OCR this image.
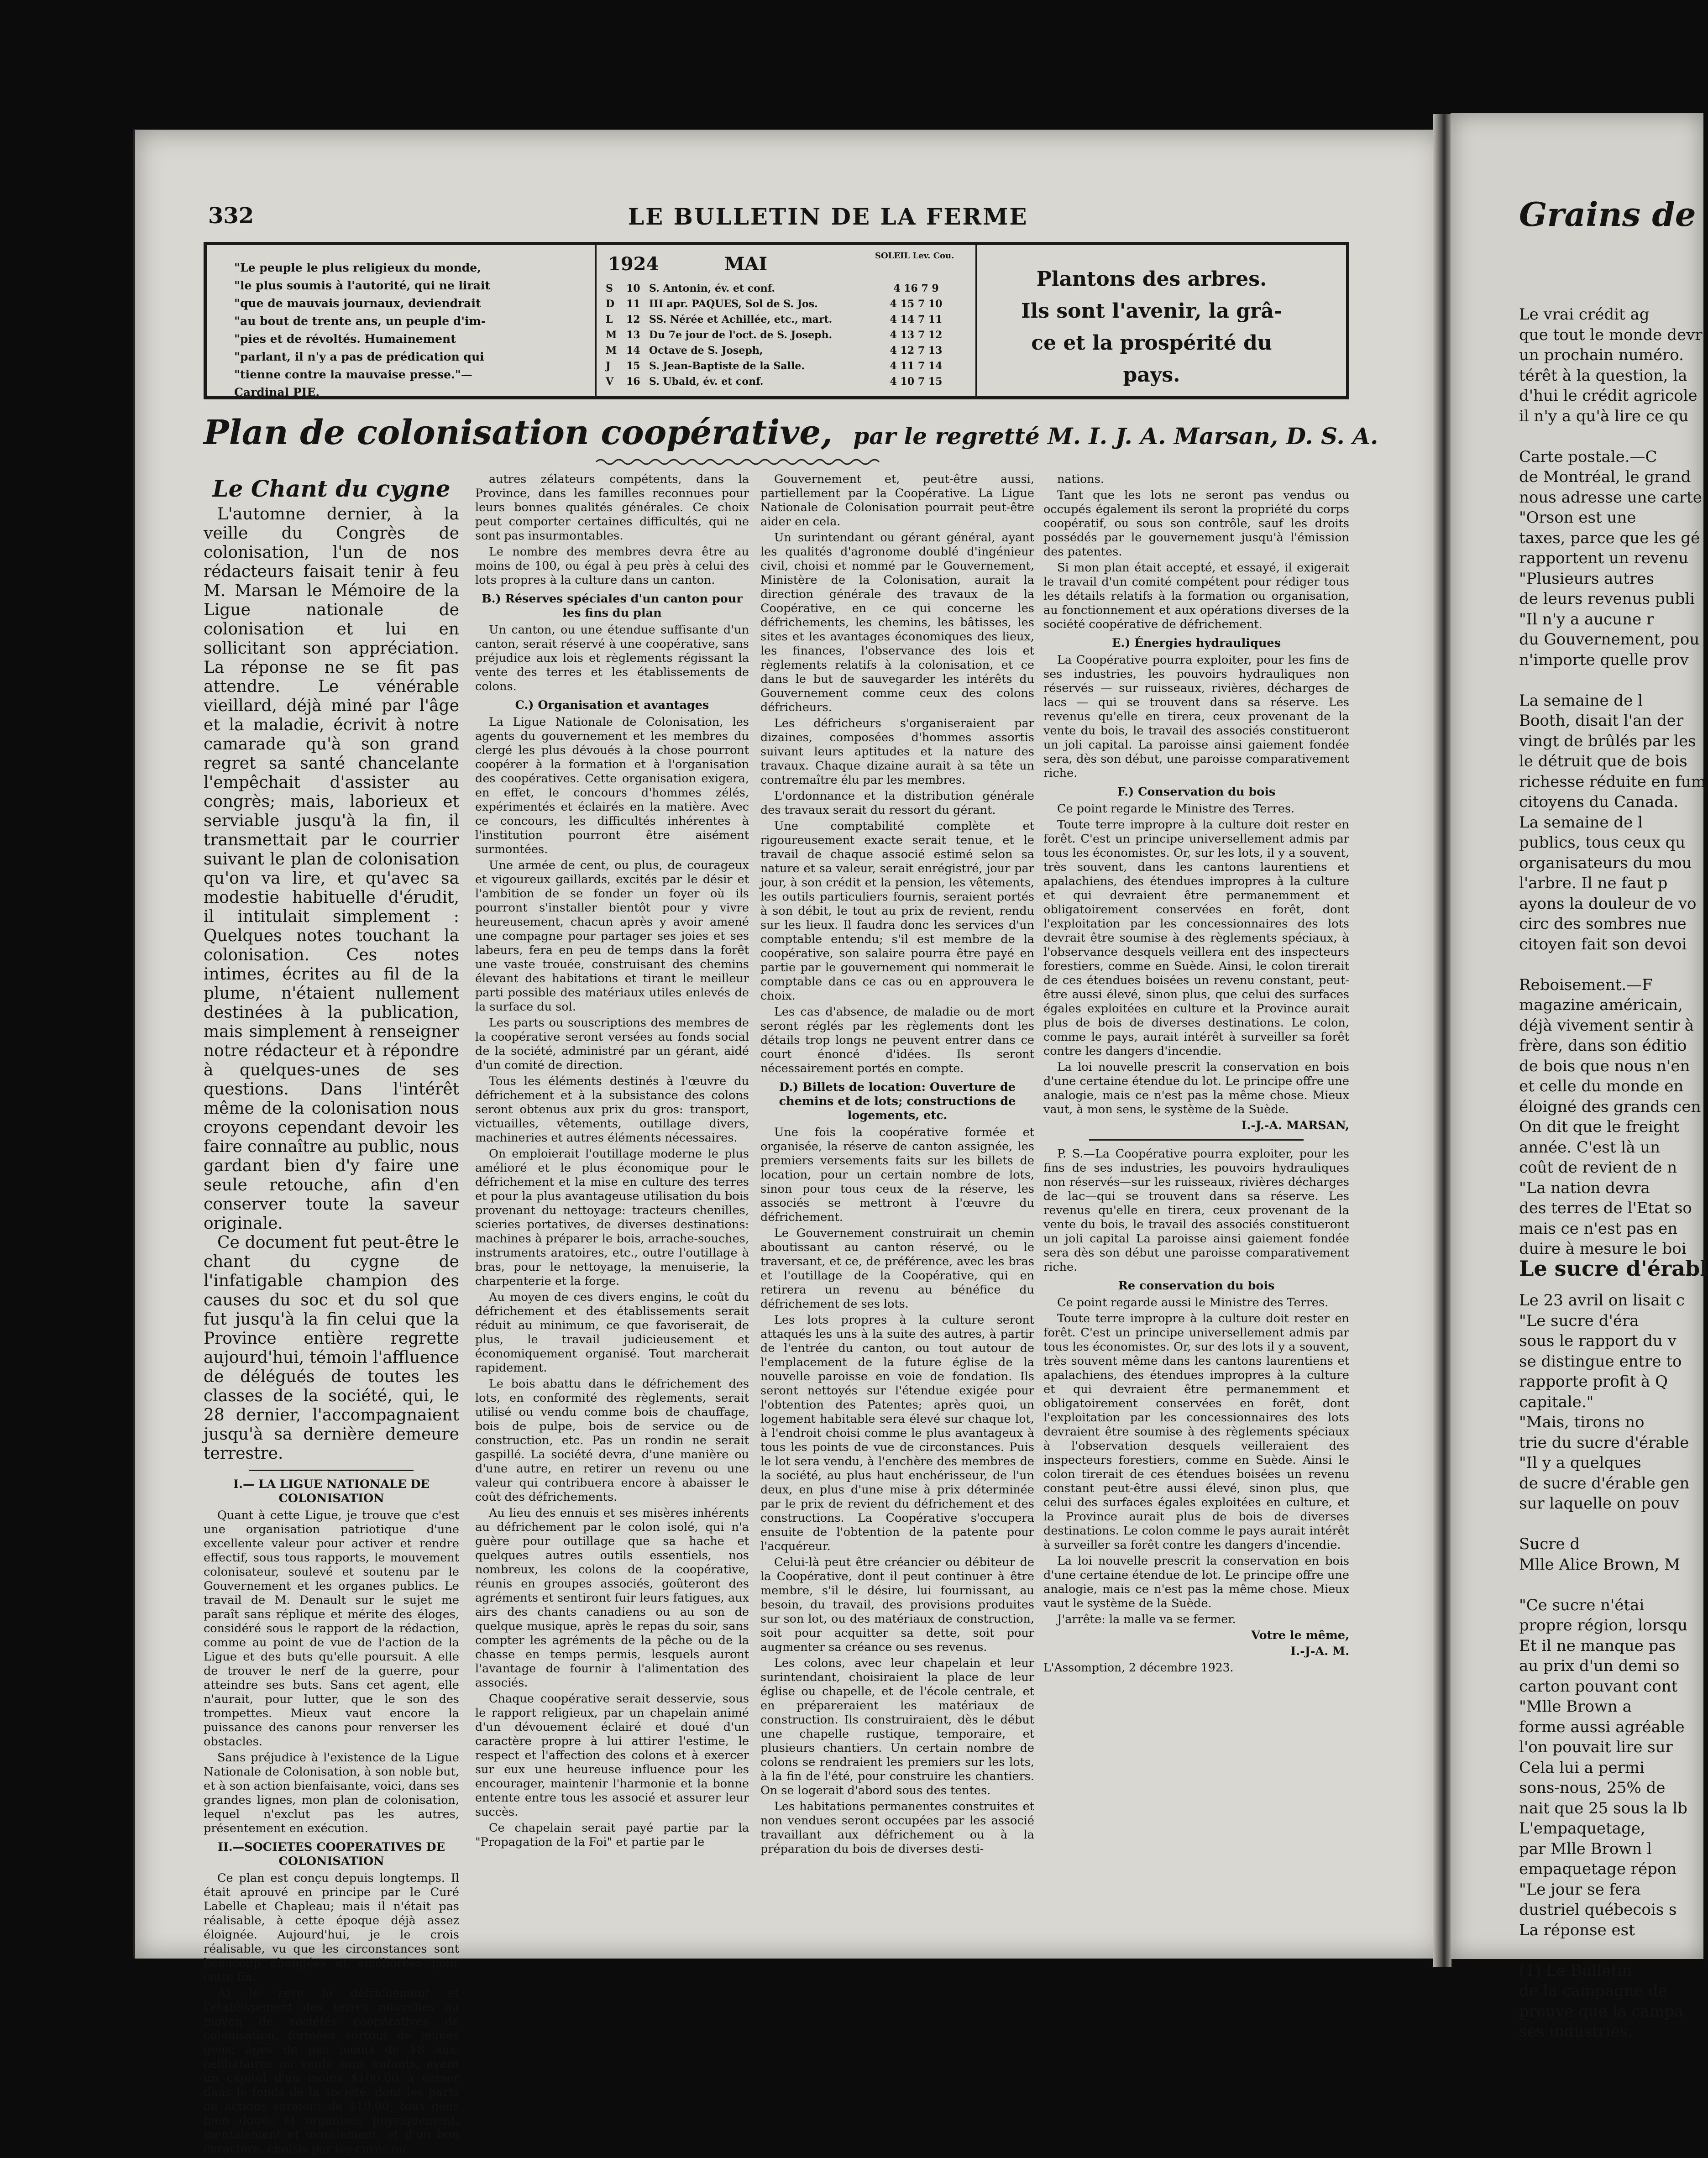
332	LE BULLETIN DE LA FERME
"Le peuple le plus religieux du monde,
"le plus soumis à l'autorité, qui ne lirait
"que de mauvais journaux, deviendrait
"au bout de trente ans, un peuple d'im-
"pies et de révoltés. Humainement
"parlant, il n'y a pas de prédication qui
"tienne contre la mauvaise presse."—
Cardinal PIE.
1924	MAI	SOLEIL Lev. Cou.
S	10 S. Antonin, év. et conf.	4 16 7 9
D	11 III apr. PAQUES, Sol de S. Jos.	4 15 7 10
L	12 SS. Nérée et Achillée, etc., mart.	4 14 7 11
M 13 Du 7e jour de l'oct. de S. Joseph.	4 13 7 12
M 14 Octave de S. Joseph,	4 12 7 13
J	15 S. Jean-Baptiste de la Salle.	4 11 7 14
V	16 S. Ubald, év. et conf.	4 10 7 15
Plantons des arbres.
Ils sont l'avenir, la grâ-
ce et la prospérité du
pays.
Plan de colonisation coopérative, par le regretté M. I. J. A. Marsan, D. S. A.
Le Chant du cygne

L'automne dernier, à la veille du Congrès de colonisation, l'un de nos rédacteurs faisait tenir à feu M. Marsan le Mémoire de la Ligue nationale de colonisation et lui en sollicitant son appréciation. La réponse ne se fit pas attendre. Le vénérable vieillard, déjà miné par l'âge et la maladie, écrivit à notre camarade qu'à son grand regret sa santé chancelante l'empêchait d'assister au congrès; mais, laborieux et serviable jusqu'à la fin, il transmettait par le courrier suivant le plan de colonisation qu'on va lire, et qu'avec sa modestie habituelle d'érudit, il intitulait simplement : Quelques notes touchant la colonisation. Ces notes intimes, écrites au fil de la plume, n'étaient nullement destinées à la publication, mais simplement à renseigner notre rédacteur et à répondre à quelques-unes de ses questions. Dans l'intérêt même de la colonisation nous croyons cependant devoir les faire connaître au public, nous gardant bien d'y faire une seule retouche, afin d'en conserver toute la saveur originale.

Ce document fut peut-être le chant du cygne de l'infatigable champion des causes du soc et du sol que fut jusqu'à la fin celui que la Province entière regrette aujourd'hui, témoin l'affluence de délégués de toutes les classes de la société, qui, le 28 dernier, l'accompagnaient jusqu'à sa dernière demeure terrestre.

I.— LA LIGUE NATIONALE DE COLONISATION

Quant à cette Ligue, je trouve que c'est une organisation patriotique d'une excellente valeur pour activer et rendre effectif, sous tous rapports, le mouvement colonisateur, soulevé et soutenu par le Gouvernement et les organes publics. Le travail de M. Denault sur le sujet me paraît sans réplique et mérite des éloges, considéré sous le rapport de la rédaction, comme au point de vue de l'action de la Ligue et des buts qu'elle poursuit. A elle de trouver le nerf de la guerre, pour atteindre ses buts. Sans cet agent, elle n'aurait, pour lutter, que le son des trompettes. Mieux vaut encore la puissance des canons pour renverser les obstacles.

Sans préjudice à l'existence de la Ligue Nationale de Colonisation, à son noble but, et à son action bienfaisante, voici, dans ses grandes lignes, mon plan de colonisation, lequel n'exclut pas les autres, présentement en exécution.

II.—SOCIETES COOPERATIVES DE COLONISATION

Ce plan est conçu depuis longtemps. Il était aprouvé en principe par le Curé Labelle et Chapleau; mais il n'était pas réalisable, à cette époque déjà assez éloignée. Aujourd'hui, je le crois réalisable, vu que les circonstances sont beaucoup changées et améliorées pour cette fin.

A) Je rêve le défrichement et l'établissement des terres nouvelles au moyen de sociétés coopératives de colonisation, formées surtout de jeunes gens, âgés de pas moins de 18 ans, célibataires ou veufs sans enfants, ayant un capital d'au moins $100.00 à verser dans le fonds de la société, dont les parts ou actions seraient de $10.00; tous gens bien doués et organisés physiquement, mentalement et moralement, et d'un bon caractère, choisis par les curés ou

autres zélateurs compétents, dans la Province, dans les familles reconnues pour leurs bonnes qualités générales. Ce choix peut comporter certaines difficultés, qui ne sont pas insurmontables.

Le nombre des membres devra être au moins de 100, ou égal à peu près à celui des lots propres à la culture dans un canton.

B.) Réserves spéciales d'un canton pour les fins du plan

Un canton, ou une étendue suffisante d'un canton, serait réservé à une coopérative, sans préjudice aux lois et règlements régissant la vente des terres et les établissements de colons.

C.) Organisation et avantages

La Ligue Nationale de Colonisation, les agents du gouvernement et les membres du clergé les plus dévoués à la chose pourront coopérer à la formation et à l'organisation des coopératives. Cette organisation exigera, en effet, le concours d'hommes zélés, expérimentés et éclairés en la matière. Avec ce concours, les difficultés inhérentes à l'institution pourront être aisément surmontées.

Une armée de cent, ou plus, de courageux et vigoureux gaillards, excités par le désir et l'ambition de se fonder un foyer où ils pourront s'installer bientôt pour y vivre heureusement, chacun après y avoir amené une compagne pour partager ses joies et ses labeurs, fera en peu de temps dans la forêt une vaste trouée, construisant des chemins élevant des habitations et tirant le meilleur parti possible des matériaux utiles enlevés de la surface du sol.

Les parts ou souscriptions des membres de la coopérative seront versées au fonds social de la société, administré par un gérant, aidé d'un comité de direction.

Tous les éléments destinés à l'œuvre du défrichement et à la subsistance des colons seront obtenus aux prix du gros: transport, victuailles, vêtements, outillage divers, machineries et autres éléments nécessaires.

On emploierait l'outillage moderne le plus amélioré et le plus économique pour le défrichement et la mise en culture des terres et pour la plus avantageuse utilisation du bois provenant du nettoyage: tracteurs chenilles, scieries portatives, de diverses destinations: machines à préparer le bois, arrache-souches, instruments aratoires, etc., outre l'outillage à bras, pour le nettoyage, la menuiserie, la charpenterie et la forge.

Au moyen de ces divers engins, le coût du défrichement et des établissements serait réduit au minimum, ce que favoriserait, de plus, le travail judicieusement et économiquement organisé. Tout marcherait rapidement.

Le bois abattu dans le défrichement des lots, en conformité des règlements, serait utilisé ou vendu comme bois de chauffage, bois de pulpe, bois de service ou de construction, etc. Pas un rondin ne serait gaspillé. La société devra, d'une manière ou d'une autre, en retirer un revenu ou une valeur qui contribuera encore à abaisser le coût des défrichements.

Au lieu des ennuis et ses misères inhérents au défrichement par le colon isolé, qui n'a guère pour outillage que sa hache et quelques autres outils essentiels, nos nombreux, les colons de la coopérative, réunis en groupes associés, goûteront des agréments et sentiront fuir leurs fatigues, aux airs des chants canadiens ou au son de quelque musique, après le repas du soir, sans compter les agréments de la pêche ou de la chasse en temps permis, lesquels auront l'avantage de fournir à l'alimentation des associés.

Chaque coopérative serait desservie, sous le rapport religieux, par un chapelain animé d'un dévouement éclairé et doué d'un caractère propre à lui attirer l'estime, le respect et l'affection des colons et à exercer sur eux une heureuse influence pour les encourager, maintenir l'harmonie et la bonne entente entre tous les associé et assurer leur succès.

Ce chapelain serait payé partie par la "Propagation de la Foi" et partie par le

Gouvernement et, peut-être aussi, partiellement par la Coopérative. La Ligue Nationale de Colonisation pourrait peut-être aider en cela.

Un surintendant ou gérant général, ayant les qualités d'agronome doublé d'ingénieur civil, choisi et nommé par le Gouvernement, Ministère de la Colonisation, aurait la direction générale des travaux de la Coopérative, en ce qui concerne les défrichements, les chemins, les bâtisses, les sites et les avantages économiques des lieux, les finances, l'observance des lois et règlements relatifs à la colonisation, et ce dans le but de sauvegarder les intérêts du Gouvernement comme ceux des colons défricheurs.

Les défricheurs s'organiseraient par dizaines, composées d'hommes assortis suivant leurs aptitudes et la nature des travaux. Chaque dizaine aurait à sa tête un contremaître élu par les membres.

L'ordonnance et la distribution générale des travaux serait du ressort du gérant.

Une comptabilité complète et rigoureusement exacte serait tenue, et le travail de chaque associé estimé selon sa nature et sa valeur, serait enrégistré, jour par jour, à son crédit et la pension, les vêtements, les outils particuliers fournis, seraient portés à son débit, le tout au prix de revient, rendu sur les lieux. Il faudra donc les services d'un comptable entendu; s'il est membre de la coopérative, son salaire pourra être payé en partie par le gouvernement qui nommerait le comptable dans ce cas ou en approuvera le choix.

Les cas d'absence, de maladie ou de mort seront réglés par les règlements dont les détails trop longs ne peuvent entrer dans ce court énoncé d'idées. Ils seront nécessairement portés en compte.

D.) Billets de location: Ouverture de chemins et de lots; constructions de logements, etc.

Une fois la coopérative formée et organisée, la réserve de canton assignée, les premiers versements faits sur les billets de location, pour un certain nombre de lots, sinon pour tous ceux de la réserve, les associés se mettront à l'œuvre du défrichement.

Le Gouvernement construirait un chemin aboutissant au canton réservé, ou le traversant, et ce, de préférence, avec les bras et l'outillage de la Coopérative, qui en retirera un revenu au bénéfice du défrichement de ses lots.

Les lots propres à la culture seront attaqués les uns à la suite des autres, à partir de l'entrée du canton, ou tout autour de l'emplacement de la future église de la nouvelle paroisse en voie de fondation. Ils seront nettoyés sur l'étendue exigée pour l'obtention des Patentes; après quoi, un logement habitable sera élevé sur chaque lot, à l'endroit choisi comme le plus avantageux à tous les points de vue de circonstances. Puis le lot sera vendu, à l'enchère des membres de la société, au plus haut enchérisseur, de l'un deux, en plus d'une mise à prix déterminée par le prix de revient du défrichement et des constructions. La Coopérative s'occupera ensuite de l'obtention de la patente pour l'acquéreur.

Celui-là peut être créancier ou débiteur de la Coopérative, dont il peut continuer à être membre, s'il le désire, lui fournissant, au besoin, du travail, des provisions produites sur son lot, ou des matériaux de construction, soit pour acquitter sa dette, soit pour augmenter sa créance ou ses revenus.

Les colons, avec leur chapelain et leur surintendant, choisiraient la place de leur église ou chapelle, et de l'école centrale, et en prépareraient les matériaux de construction. Ils construiraient, dès le début une chapelle rustique, temporaire, et plusieurs chantiers. Un certain nombre de colons se rendraient les premiers sur les lots, à la fin de l'été, pour construire les chantiers. On se logerait d'abord sous des tentes.

Les habitations permanentes construites et non vendues seront occupées par les associé travaillant aux défrichement ou à la préparation du bois de diverses desti-

nations.

Tant que les lots ne seront pas vendus ou occupés également ils seront la propriété du corps coopératif, ou sous son contrôle, sauf les droits possédés par le gouvernement jusqu'à l'émission des patentes.

Si mon plan était accepté, et essayé, il exigerait le travail d'un comité compétent pour rédiger tous les détails relatifs à la formation ou organisation, au fonctionnement et aux opérations diverses de la société coopérative de défrichement.

E.) Énergies hydrauliques

La Coopérative pourra exploiter, pour les fins de ses industries, les pouvoirs hydrauliques non réservés — sur ruisseaux, rivières, décharges de lacs — qui se trouvent dans sa réserve. Les revenus qu'elle en tirera, ceux provenant de la vente du bois, le travail des associés constitueront un joli capital. La paroisse ainsi gaiement fondée sera, dès son début, une paroisse comparativement riche.

F.) Conservation du bois

Ce point regarde le Ministre des Terres.

Toute terre impropre à la culture doit rester en forêt. C'est un principe universellement admis par tous les économistes. Or, sur les lots, il y a souvent, très souvent, dans les cantons laurentiens et apalachiens, des étendues impropres à la culture et qui devraient être permanemment et obligatoirement conservées en forêt, dont l'exploitation par les concessionnaires des lots devrait être soumise à des règlements spéciaux, à l'observance desquels veillera ent des inspecteurs forestiers, comme en Suède. Ainsi, le colon tirerait de ces étendues boisées un revenu constant, peut-être aussi élevé, sinon plus, que celui des surfaces égales exploitées en culture et la Province aurait plus de bois de diverses destinations. Le colon, comme le pays, aurait intérêt à surveiller sa forêt contre les dangers d'incendie.

La loi nouvelle prescrit la conservation en bois d'une certaine étendue du lot. Le principe offre une analogie, mais ce n'est pas la même chose. Mieux vaut, à mon sens, le système de la Suède.

I.-J.-A. MARSAN,

P. S.—La Coopérative pourra exploiter, pour les fins de ses industries, les pouvoirs hydrauliques non réservés—sur les ruisseaux, rivières décharges de lac—qui se trouvent dans sa réserve. Les revenus qu'elle en tirera, ceux provenant de la vente du bois, le travail des associés constitueront un joli capital La paroisse ainsi gaiement fondée sera dès son début une paroisse comparativement riche.

Re conservation du bois

Ce point regarde aussi le Ministre des Terres.

Toute terre impropre à la culture doit rester en forêt. C'est un principe universellement admis par tous les économistes. Or, sur des lots il y a souvent, très souvent même dans les cantons laurentiens et apalachiens, des étendues impropres à la culture et qui devraient être permanemment et obligatoirement conservées en forêt, dont l'exploitation par les concessionnaires des lots devraient être soumise à des règlements spéciaux à l'observation desquels veilleraient des inspecteurs forestiers, comme en Suède. Ainsi le colon tirerait de ces étendues boisées un revenu constant peut-être aussi élevé, sinon plus, que celui des surfaces égales exploitées en culture, et la Province aurait plus de bois de diverses destinations. Le colon comme le pays aurait intérêt à surveiller sa forêt contre les dangers d'incendie.

La loi nouvelle prescrit la conservation en bois d'une certaine étendue de lot. Le principe offre une analogie, mais ce n'est pas la même chose. Mieux vaut le système de la Suède.

J'arrête: la malle va se fermer.

Votre le même,

I.-J-A. M.

L'Assomption, 2 décembre 1923.

Grains de
Le vrai crédit ag
que tout le monde devr
un prochain numéro.
térêt à la question, la
d'hui le crédit agricole
il n'y a qu'à lire ce qu
Carte postale.—C
de Montréal, le grand
nous adresse une carte
"Orson est une
taxes, parce que les gé
rapportent un revenu
"Plusieurs autres
de leurs revenus publi
"Il n'y a aucune r
du Gouvernement, pou
n'importe quelle prov
La semaine de l
Booth, disait l'an der
vingt de brûlés par les
le détruit que de bois
richesse réduite en fum
citoyens du Canada.
La semaine de l
publics, tous ceux qu
organisateurs du mou
l'arbre. Il ne faut p
ayons la douleur de vo
circ des sombres nue
citoyen fait son devoi
Reboisement.—F
magazine américain,
déjà vivement sentir à
frère, dans son éditio
de bois que nous n'en
et celle du monde en
éloigné des grands cen
On dit que le freight
année. C'est là un
coût de revient de n
"La nation devra
des terres de l'Etat so
mais ce n'est pas en
duire à mesure le boi
Le sucre d'érabl
Le 23 avril on lisait c
"Le sucre d'éra
sous le rapport du v
se distingue entre to
rapporte profit à Q
capitale."
"Mais, tirons no
trie du sucre d'érable
"Il y a quelques
de sucre d'érable gen
sur laquelle on pouv
Sucre d
Mlle Alice Brown, M
"Ce sucre n'étai
propre région, lorsqu
Et il ne manque pas
au prix d'un demi so
carton pouvant cont
"Mlle Brown a
forme aussi agréable
l'on pouvait lire sur
Cela lui a permi
sons-nous, 25% de
nait que 25 sous la lb
L'empaquetage,
par Mlle Brown l
empaquetage répon
"Le jour se fera
dustriel québecois s
La réponse est
(1) Le Bulletin
de la campagne de
preuve que la campa
ses industries.
